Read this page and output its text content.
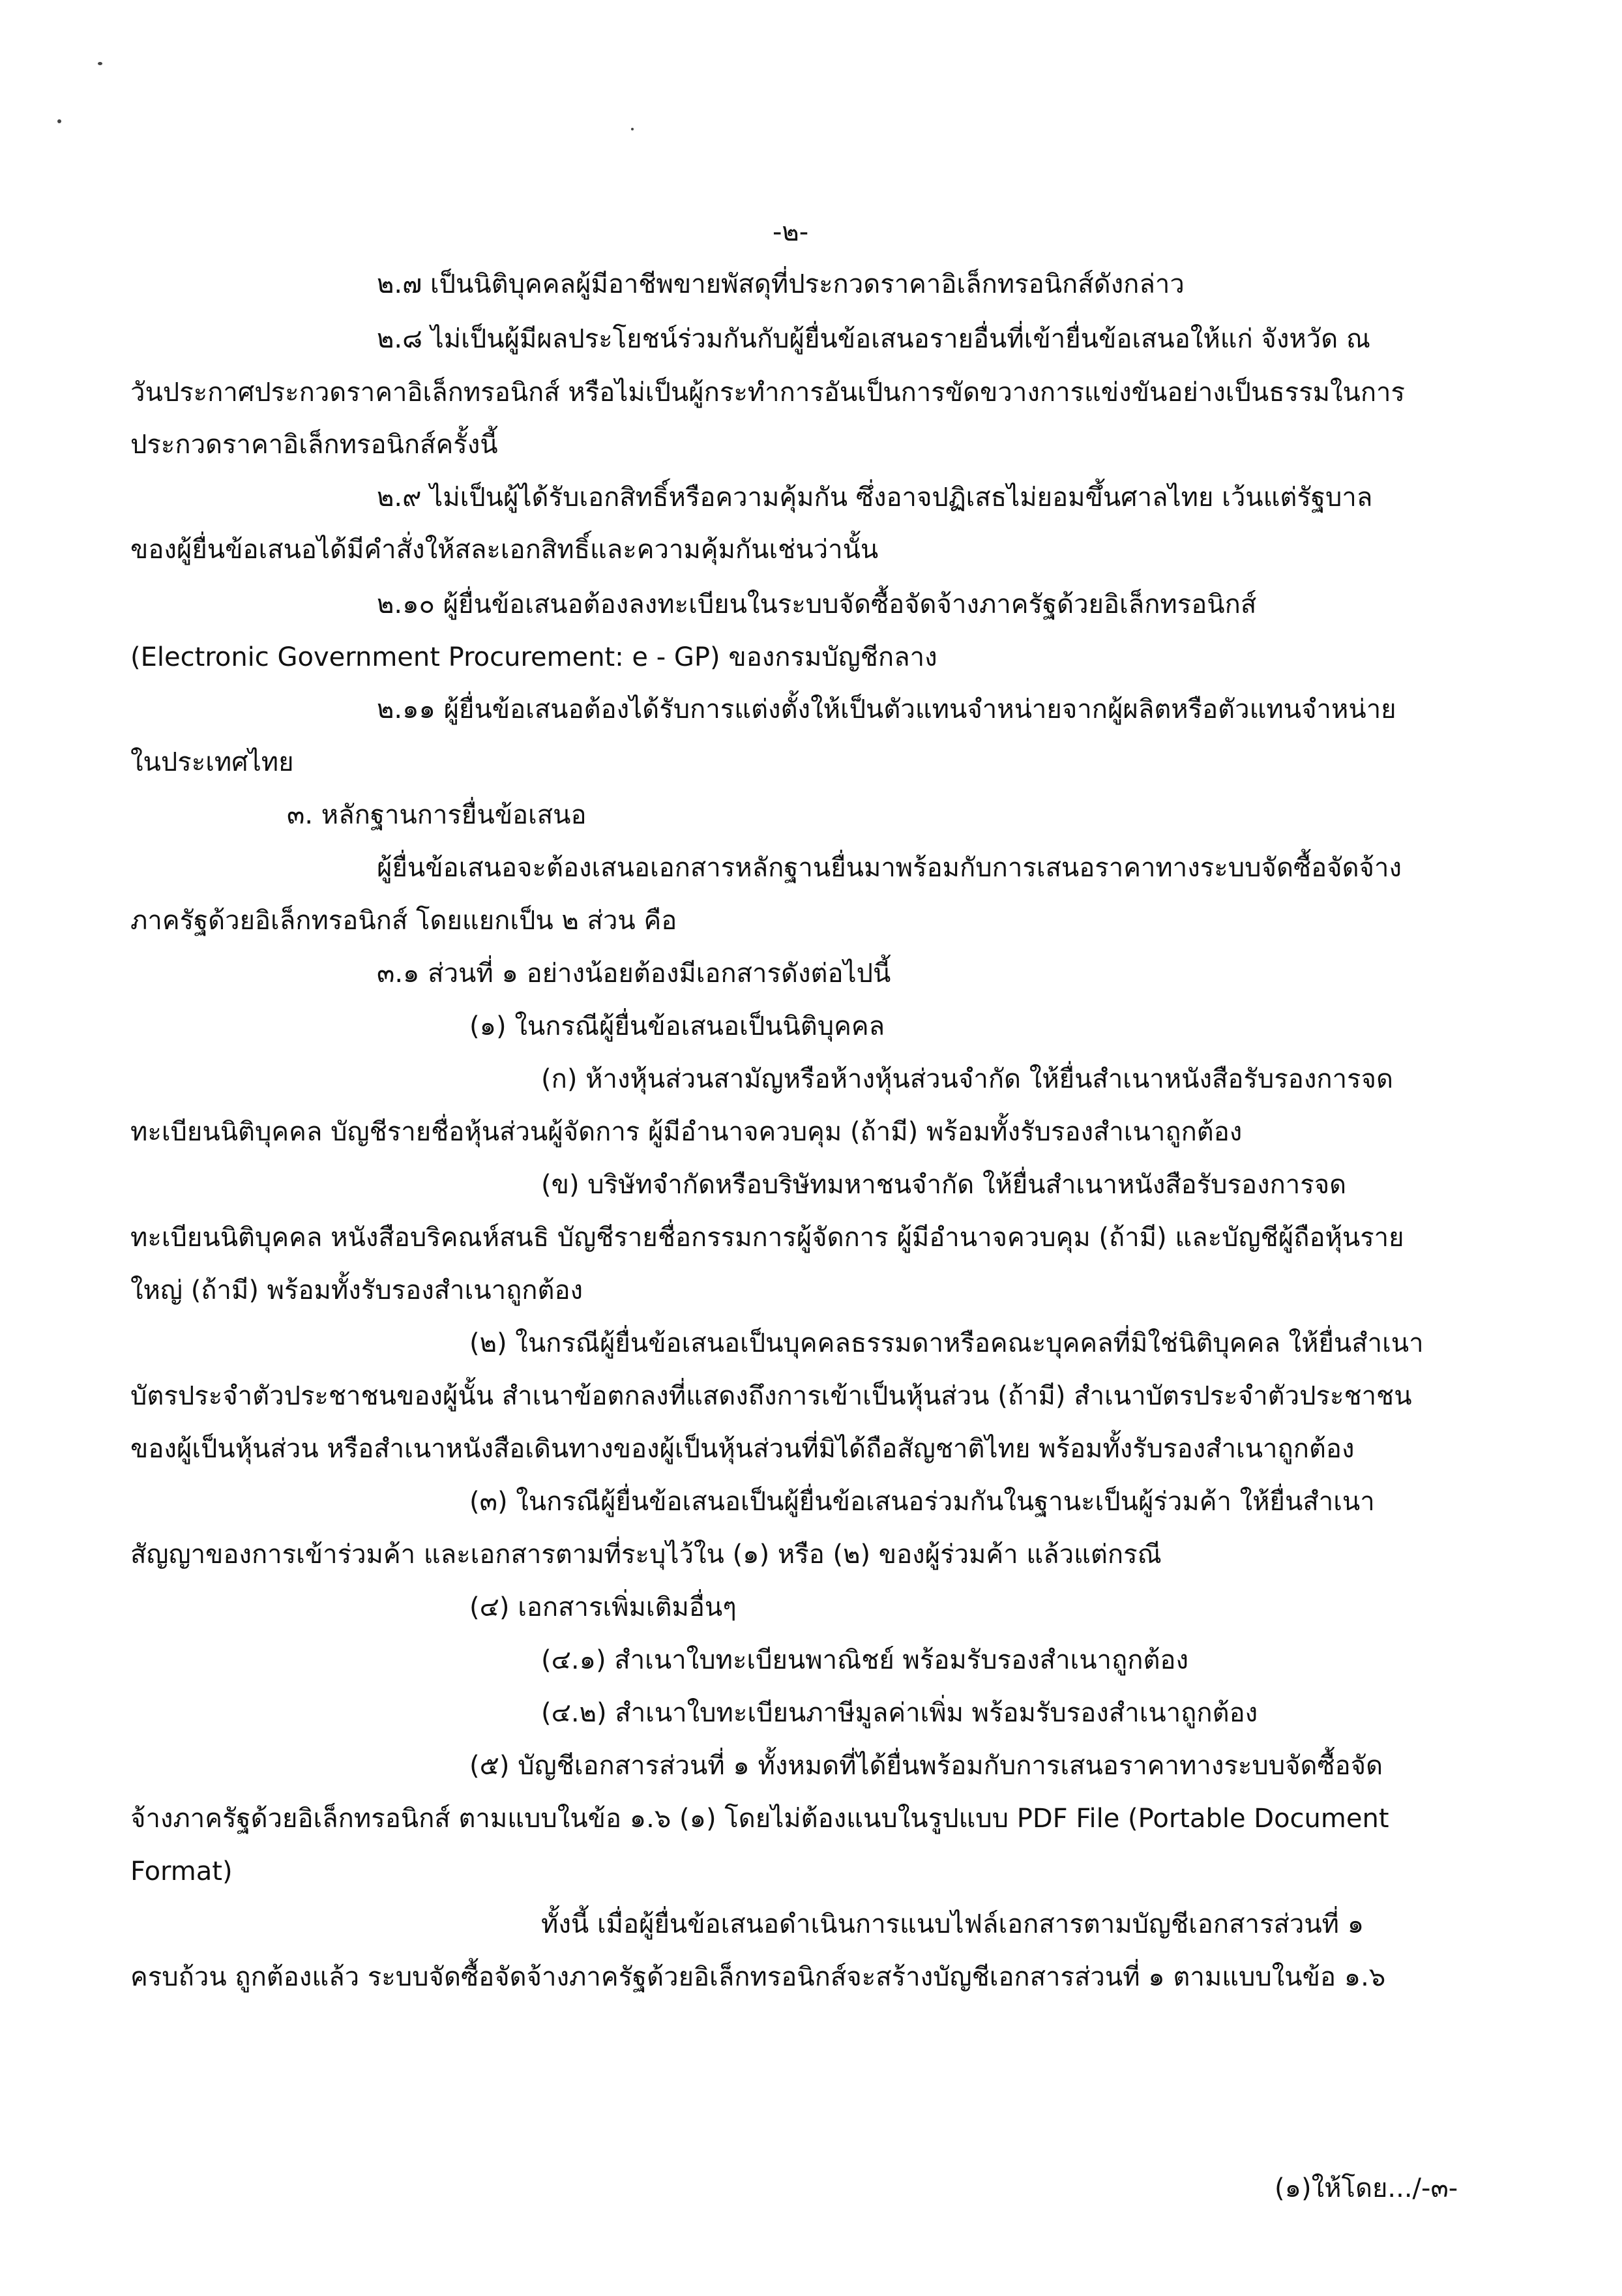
-๒-
๒.๗ เป็นนิติบุคคลผู้มีอาชีพขายพัสดุที่ประกวดราคาอิเล็กทรอนิกส์ดังกล่าว
๒.๘ ไม่เป็นผู้มีผลประโยชน์ร่วมกันกับผู้ยื่นข้อเสนอรายอื่นที่เข้ายื่นข้อเสนอให้แก่ จังหวัด ณ
วันประกาศประกวดราคาอิเล็กทรอนิกส์ หรือไม่เป็นผู้กระทำการอันเป็นการขัดขวางการแข่งขันอย่างเป็นธรรมในการ
ประกวดราคาอิเล็กทรอนิกส์ครั้งนี้
๒.๙ ไม่เป็นผู้ได้รับเอกสิทธิ์หรือความคุ้มกัน ซึ่งอาจปฏิเสธไม่ยอมขึ้นศาลไทย เว้นแต่รัฐบาล
ของผู้ยื่นข้อเสนอได้มีคำสั่งให้สละเอกสิทธิ์และความคุ้มกันเช่นว่านั้น
๒.๑๐ ผู้ยื่นข้อเสนอต้องลงทะเบียนในระบบจัดซื้อจัดจ้างภาครัฐด้วยอิเล็กทรอนิกส์
(Electronic Government Procurement: e - GP) ของกรมบัญชีกลาง
๒.๑๑ ผู้ยื่นข้อเสนอต้องได้รับการแต่งตั้งให้เป็นตัวแทนจำหน่ายจากผู้ผลิตหรือตัวแทนจำหน่าย
ในประเทศไทย
๓. หลักฐานการยื่นข้อเสนอ
ผู้ยื่นข้อเสนอจะต้องเสนอเอกสารหลักฐานยื่นมาพร้อมกับการเสนอราคาทางระบบจัดซื้อจัดจ้าง
ภาครัฐด้วยอิเล็กทรอนิกส์ โดยแยกเป็น ๒ ส่วน คือ
๓.๑ ส่วนที่ ๑ อย่างน้อยต้องมีเอกสารดังต่อไปนี้
(๑) ในกรณีผู้ยื่นข้อเสนอเป็นนิติบุคคล
(ก) ห้างหุ้นส่วนสามัญหรือห้างหุ้นส่วนจำกัด ให้ยื่นสำเนาหนังสือรับรองการจด
ทะเบียนนิติบุคคล บัญชีรายชื่อหุ้นส่วนผู้จัดการ ผู้มีอำนาจควบคุม (ถ้ามี) พร้อมทั้งรับรองสำเนาถูกต้อง
(ข) บริษัทจำกัดหรือบริษัทมหาชนจำกัด ให้ยื่นสำเนาหนังสือรับรองการจด
ทะเบียนนิติบุคคล หนังสือบริคณห์สนธิ บัญชีรายชื่อกรรมการผู้จัดการ ผู้มีอำนาจควบคุม (ถ้ามี) และบัญชีผู้ถือหุ้นราย
ใหญ่ (ถ้ามี) พร้อมทั้งรับรองสำเนาถูกต้อง
(๒) ในกรณีผู้ยื่นข้อเสนอเป็นบุคคลธรรมดาหรือคณะบุคคลที่มิใช่นิติบุคคล ให้ยื่นสำเนา
บัตรประจำตัวประชาชนของผู้นั้น สำเนาข้อตกลงที่แสดงถึงการเข้าเป็นหุ้นส่วน (ถ้ามี) สำเนาบัตรประจำตัวประชาชน
ของผู้เป็นหุ้นส่วน หรือสำเนาหนังสือเดินทางของผู้เป็นหุ้นส่วนที่มิได้ถือสัญชาติไทย พร้อมทั้งรับรองสำเนาถูกต้อง
(๓) ในกรณีผู้ยื่นข้อเสนอเป็นผู้ยื่นข้อเสนอร่วมกันในฐานะเป็นผู้ร่วมค้า ให้ยื่นสำเนา
สัญญาของการเข้าร่วมค้า และเอกสารตามที่ระบุไว้ใน (๑) หรือ (๒) ของผู้ร่วมค้า แล้วแต่กรณี
(๔) เอกสารเพิ่มเติมอื่นๆ
(๔.๑) สำเนาใบทะเบียนพาณิชย์ พร้อมรับรองสำเนาถูกต้อง
(๔.๒) สำเนาใบทะเบียนภาษีมูลค่าเพิ่ม พร้อมรับรองสำเนาถูกต้อง
(๕) บัญชีเอกสารส่วนที่ ๑ ทั้งหมดที่ได้ยื่นพร้อมกับการเสนอราคาทางระบบจัดซื้อจัด
จ้างภาครัฐด้วยอิเล็กทรอนิกส์ ตามแบบในข้อ ๑.๖ (๑) โดยไม่ต้องแนบในรูปแบบ PDF File (Portable Document
Format)
ทั้งนี้ เมื่อผู้ยื่นข้อเสนอดำเนินการแนบไฟล์เอกสารตามบัญชีเอกสารส่วนที่ ๑
ครบถ้วน ถูกต้องแล้ว ระบบจัดซื้อจัดจ้างภาครัฐด้วยอิเล็กทรอนิกส์จะสร้างบัญชีเอกสารส่วนที่ ๑ ตามแบบในข้อ ๑.๖
(๑)ให้โดย.../-๓-
